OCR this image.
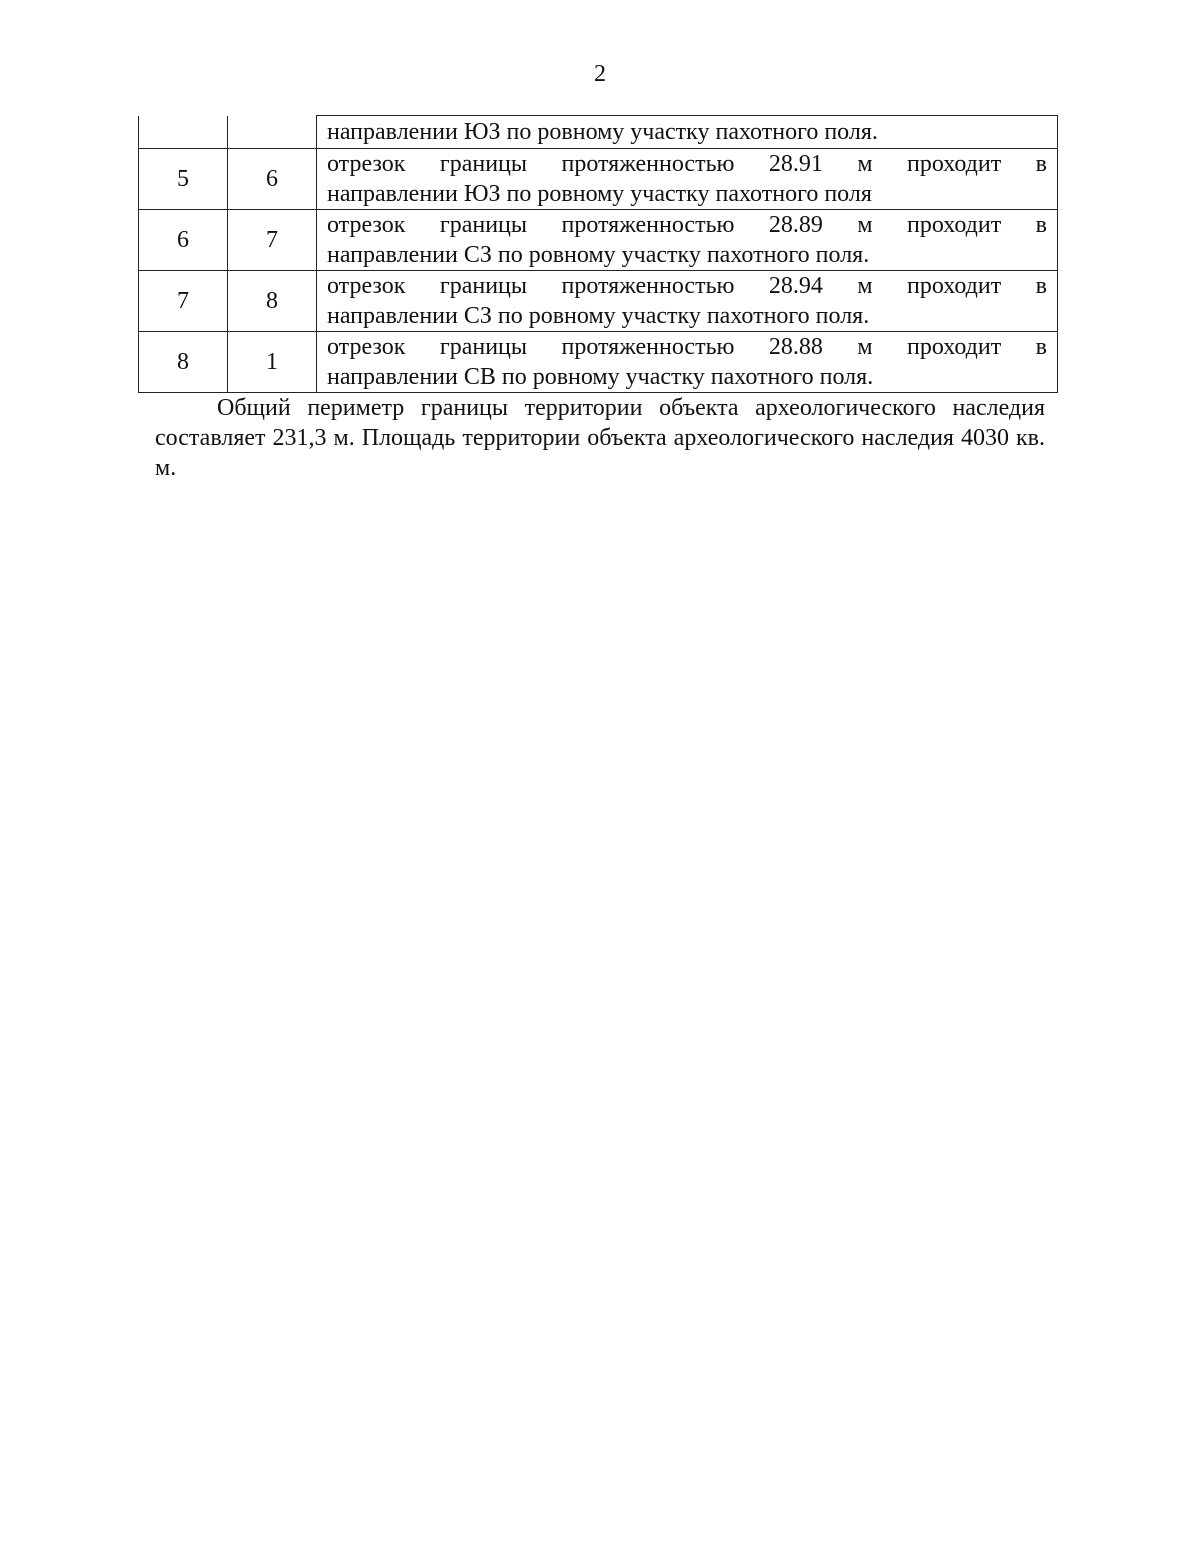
2
		направлении ЮЗ по ровному участку пахотного поля.
5	6	отрезок границы протяженностью 28.91 м проходит в
направлении ЮЗ по ровному участку пахотного поля

6	7	отрезок границы протяженностью 28.89 м проходит в
направлении СЗ по ровному участку пахотного поля.

7	8	отрезок границы протяженностью 28.94 м проходит в
направлении СЗ по ровному участку пахотного поля.

8	1	отрезок границы протяженностью 28.88 м проходит в
направлении СВ по ровному участку пахотного поля.

Общий периметр границы территории объекта археологического наследия составляет 231,3 м. Площадь территории объекта археологического наследия 4030 кв. м.
